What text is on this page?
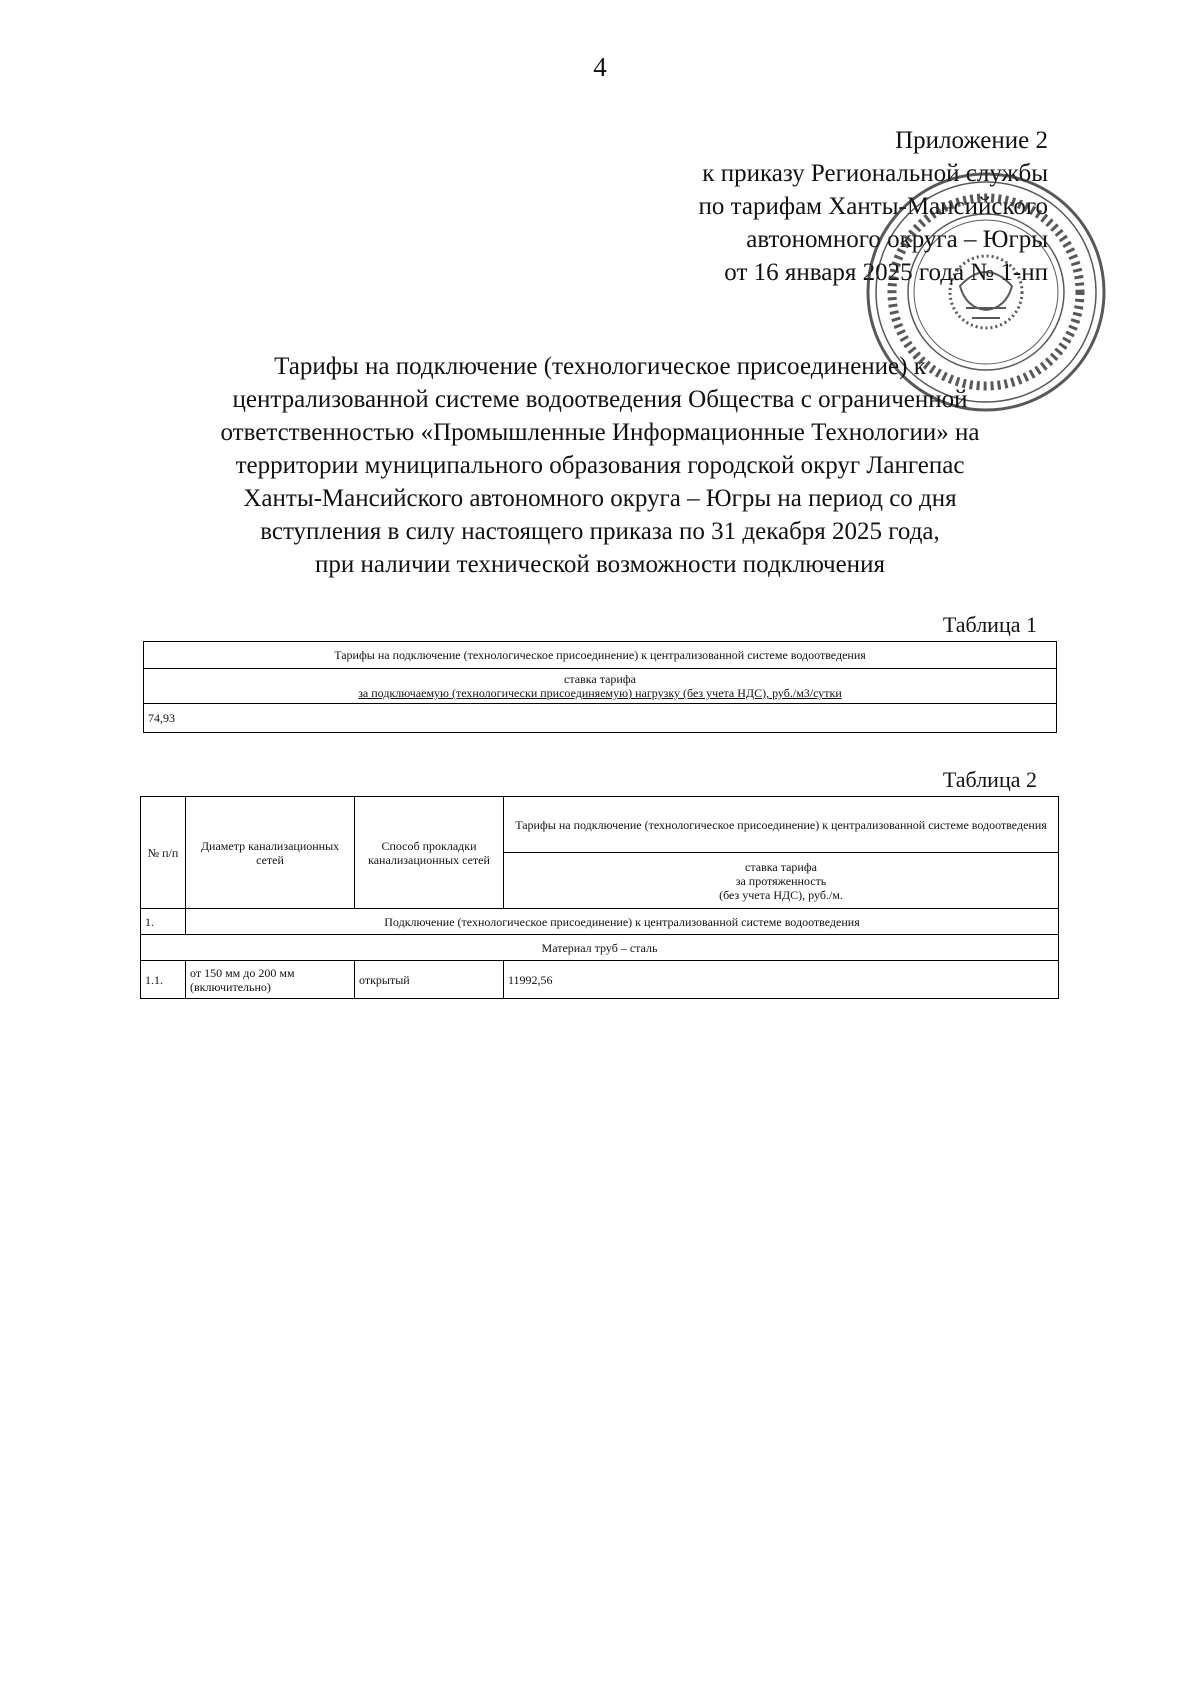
4
Приложение 2
к приказу Региональной службы
по тарифам Ханты-Мансийского
автономного округа – Югры
от 16 января 2025 года № 1-нп
Тарифы на подключение (технологическое присоединение) к
централизованной системе водоотведения Общества с ограниченной
ответственностью «Промышленные Информационные Технологии» на
территории муниципального образования городской округ Лангепас
Ханты-Мансийского автономного округа – Югры на период со дня
вступления в силу настоящего приказа по 31 декабря 2025 года,
при наличии технической возможности подключения
Таблица 1
Тарифы на подключение (технологическое присоединение) к централизованной системе водоотведения

ставка тарифа
за подключаемую (технологически присоединяемую) нагрузку (без учета НДС), руб./м3/сутки

74,93
Таблица 2
№ п/п	Диаметр канализационных сетей	Способ прокладки канализационных сетей	Тарифы на подключение (технологическое присоединение) к централизованной системе водоотведения

			ставка тарифа
за протяженность
(без учета НДС), руб./м.

1.	Подключение (технологическое присоединение) к централизованной системе водоотведения		
Материал труб – сталь			
1.1.	от 150 мм до 200 мм (включительно)	открытый	11992,56
